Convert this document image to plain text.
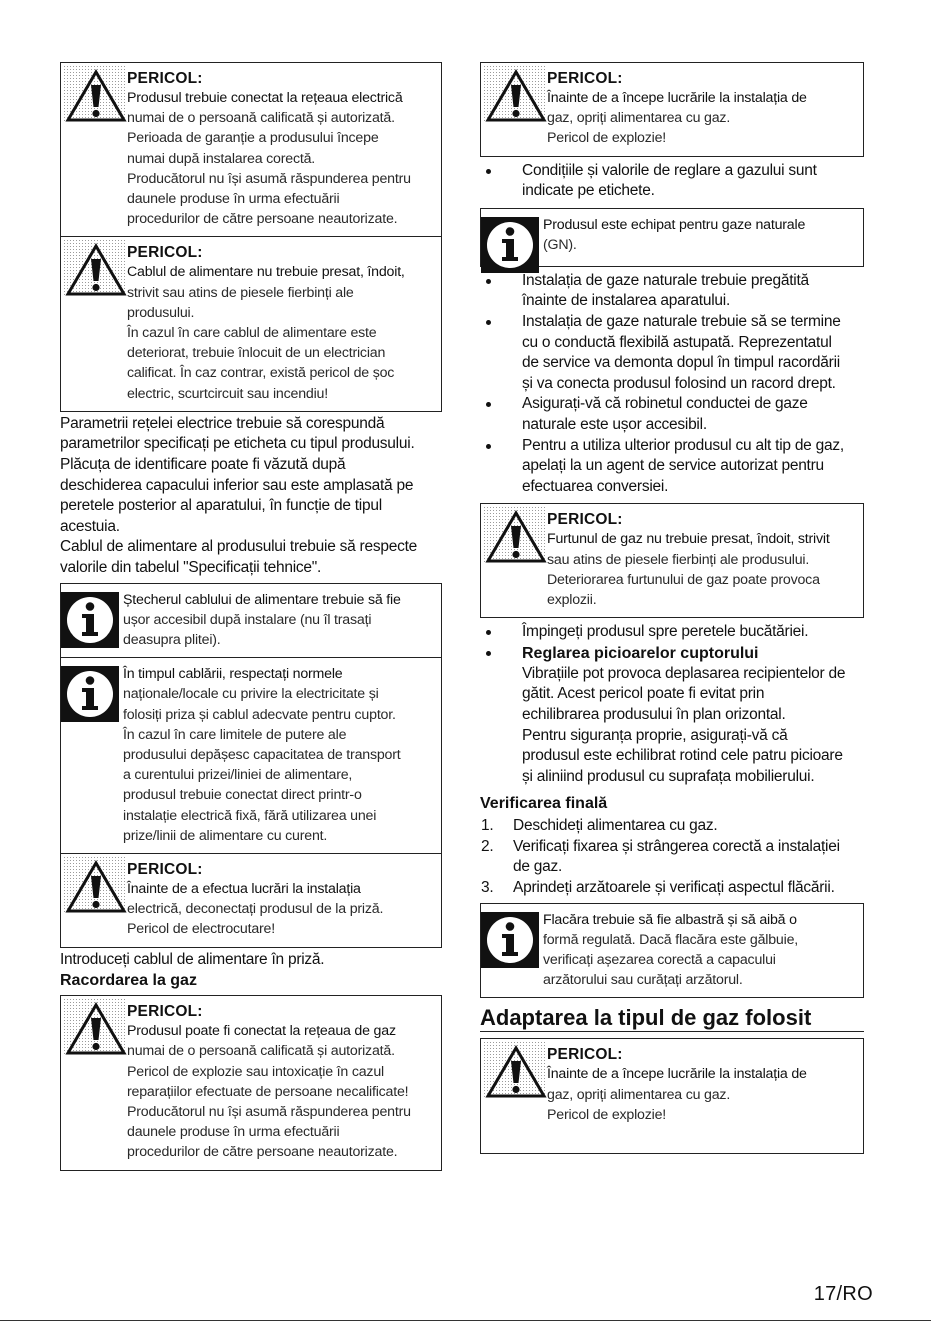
PERICOL:
Produsul trebuie conectat la rețeaua electrică
numai de o persoană calificată și autorizată.
Perioada de garanție a produsului începe
numai după instalarea corectă.
Producătorul nu își asumă răspunderea pentru
daunele produse în urma efectuării
procedurilor de către persoane neautorizate.
PERICOL:
Cablul de alimentare nu trebuie presat, îndoit,
strivit sau atins de piesele fierbinți ale
produsului.
În cazul în care cablul de alimentare este
deteriorat, trebuie înlocuit de un electrician
calificat. În caz contrar, există pericol de șoc
electric, scurtcircuit sau incendiu!
Parametrii rețelei electrice trebuie să corespundă
parametrilor specificați pe eticheta cu tipul produsului.
Plăcuța de identificare poate fi văzută după
deschiderea capacului inferior sau este amplasată pe
peretele posterior al aparatului, în funcție de tipul
acestuia.
Cablul de alimentare al produsului trebuie să respecte
valorile din tabelul "Specificații tehnice".
Ștecherul cablului de alimentare trebuie să fie
ușor accesibil după instalare (nu îl trasați
deasupra plitei).
În timpul cablării, respectați normele
naționale/locale cu privire la electricitate și
folosiți priza și cablul adecvate pentru cuptor.
În cazul în care limitele de putere ale
produsului depășesc capacitatea de transport
a curentului prizei/liniei de alimentare,
produsul trebuie conectat direct printr-o
instalație electrică fixă, fără utilizarea unei
prize/linii de alimentare cu curent.
PERICOL:
Înainte de a efectua lucrări la instalația
electrică, deconectați produsul de la priză.
Pericol de electrocutare!
Introduceți cablul de alimentare în priză.
Racordarea la gaz
PERICOL:
Produsul poate fi conectat la rețeaua de gaz
numai de o persoană calificată și autorizată.
Pericol de explozie sau intoxicație în cazul
reparațiilor efectuate de persoane necalificate!
Producătorul nu își asumă răspunderea pentru
daunele produse în urma efectuării
procedurilor de către persoane neautorizate.
PERICOL:
Înainte de a începe lucrările la instalația de
gaz, opriți alimentarea cu gaz.
Pericol de explozie!
Condițiile și valorile de reglare a gazului sunt
indicate pe etichete.
Produsul este echipat pentru gaze naturale
(GN).
Instalația de gaze naturale trebuie pregătită
înainte de instalarea aparatului.
Instalația de gaze naturale trebuie să se termine
cu o conductă flexibilă astupată. Reprezentatul
de service va demonta dopul în timpul racordării
și va conecta produsul folosind un racord drept.
Asigurați-vă că robinetul conductei de gaze
naturale este ușor accesibil.
Pentru a utiliza ulterior produsul cu alt tip de gaz,
apelați la un agent de service autorizat pentru
efectuarea conversiei.
PERICOL:
Furtunul de gaz nu trebuie presat, îndoit, strivit
sau atins de piesele fierbinți ale produsului.
Deteriorarea furtunului de gaz poate provoca
explozii.
Împingeți produsul spre peretele bucătăriei.
Reglarea picioarelor cuptorului
Vibrațiile pot provoca deplasarea recipientelor de
gătit. Acest pericol poate fi evitat prin
echilibrarea produsului în plan orizontal.
Pentru siguranța proprie, asigurați-vă că
produsul este echilibrat rotind cele patru picioare
și aliniind produsul cu suprafața mobilierului.
Verificarea finală
1. Deschideți alimentarea cu gaz.
2. Verificați fixarea și strângerea corectă a instalației
de gaz.
3. Aprindeți arzătoarele și verificați aspectul flăcării.
Flacăra trebuie să fie albastră și să aibă o
formă regulată. Dacă flacăra este gălbuie,
verificați așezarea corectă a capacului
arzătorului sau curățați arzătorul.
Adaptarea la tipul de gaz folosit
PERICOL:
Înainte de a începe lucrările la instalația de
gaz, opriți alimentarea cu gaz.
Pericol de explozie!
17/RO
